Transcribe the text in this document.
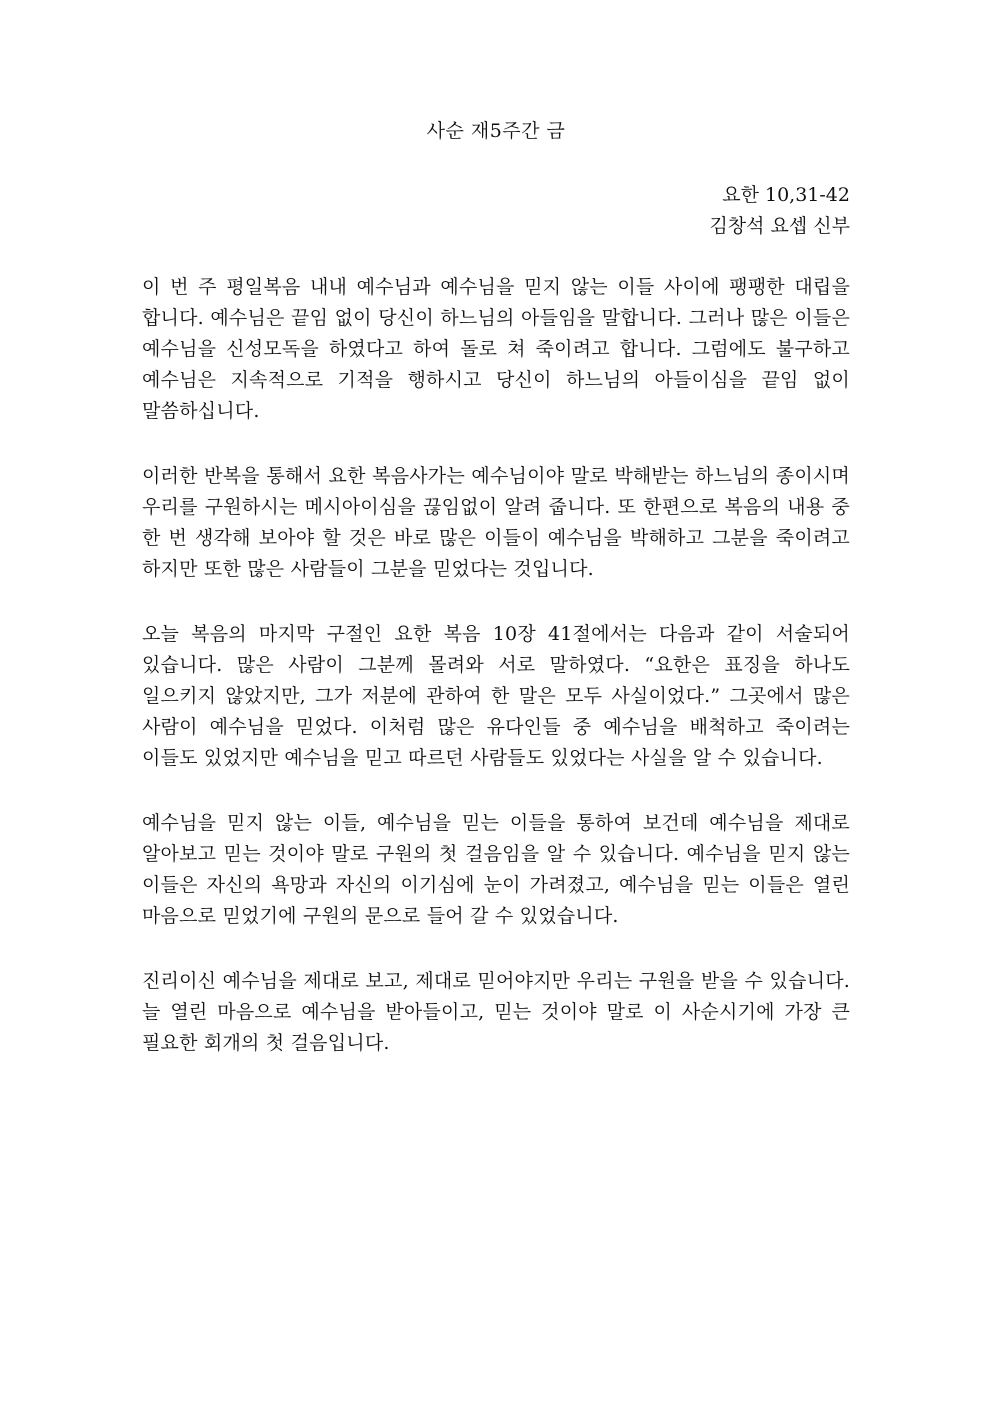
사순 재5주간 금
요한 10,31-42
김창석 요셉 신부

이 번 주 평일복음 내내 예수님과 예수님을 믿지 않는 이들 사이에 팽팽한 대립을 합니다. 예수님은 끝임 없이 당신이 하느님의 아들임을 말합니다. 그러나 많은 이들은 예수님을 신성모독을 하였다고 하여 돌로 쳐 죽이려고 합니다. 그럼에도 불구하고 예수님은 지속적으로 기적을 행하시고 당신이 하느님의 아들이심을 끝임 없이 말씀하십니다.

이러한 반복을 통해서 요한 복음사가는 예수님이야 말로 박해받는 하느님의 종이시며 우리를 구원하시는 메시아이심을 끊임없이 알려 줍니다. 또 한편으로 복음의 내용 중 한 번 생각해 보아야 할 것은 바로 많은 이들이 예수님을 박해하고 그분을 죽이려고 하지만 또한 많은 사람들이 그분을 믿었다는 것입니다.

오늘 복음의 마지막 구절인 요한 복음 10장 41절에서는 다음과 같이 서술되어 있습니다. 많은 사람이 그분께 몰려와 서로 말하였다. “요한은 표징을 하나도 일으키지 않았지만, 그가 저분에 관하여 한 말은 모두 사실이었다.” 그곳에서 많은 사람이 예수님을 믿었다. 이처럼 많은 유다인들 중 예수님을 배척하고 죽이려는 이들도 있었지만 예수님을 믿고 따르던 사람들도 있었다는 사실을 알 수 있습니다.

예수님을 믿지 않는 이들, 예수님을 믿는 이들을 통하여 보건데 예수님을 제대로 알아보고 믿는 것이야 말로 구원의 첫 걸음임을 알 수 있습니다. 예수님을 믿지 않는 이들은 자신의 욕망과 자신의 이기심에 눈이 가려졌고, 예수님을 믿는 이들은 열린 마음으로 믿었기에 구원의 문으로 들어 갈 수 있었습니다.

진리이신 예수님을 제대로 보고, 제대로 믿어야지만 우리는 구원을 받을 수 있습니다. 늘 열린 마음으로 예수님을 받아들이고, 믿는 것이야 말로 이 사순시기에 가장 큰 필요한 회개의 첫 걸음입니다.
